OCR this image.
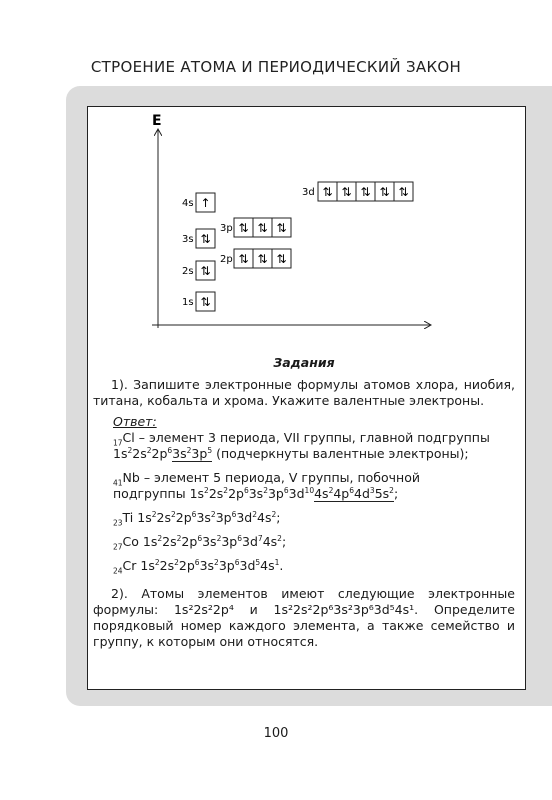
СТРОЕНИЕ АТОМА И ПЕРИОДИЧЕСКИЙ ЗАКОН
E
1s ⇅
2s ⇅
2p ⇅ ⇅ ⇅
3s ⇅
3p ⇅ ⇅ ⇅
4s ↑
3d ⇅ ⇅ ⇅ ⇅ ⇅
Задания

1). Запишите электронные формулы атомов хлора, ниобия, титана, кобальта и хрома. Укажите валентные электроны.

Ответ:

$_{17}$Cl – элемент 3 периода, VII группы, главной подгруппы

$1s^22s^22p^63s^23p^5$ (подчеркнуты валентные электроны);

$_{41}$Nb – элемент 5 периода, V группы, побочной

подгруппы $1s^22s^22p^63s^23p^63d^{10}4s^24p^64d^35s^2$;

$_{23}$Ti $1s^22s^22p^63s^23p^63d^24s^2$;

$_{27}$Co $1s^22s^22p^63s^23p^63d^74s^2$;

$_{24}$Cr $1s^22s^22p^63s^23p^63d^54s^1$.

2). Атомы элементов имеют следующие электронные формулы: 1s²2s²2p⁴ и 1s²2s²2p⁶3s²3p⁶3d⁵4s¹. Определите порядковый номер каждого элемента, а также семейство и группу, к которым они относятся.

100
